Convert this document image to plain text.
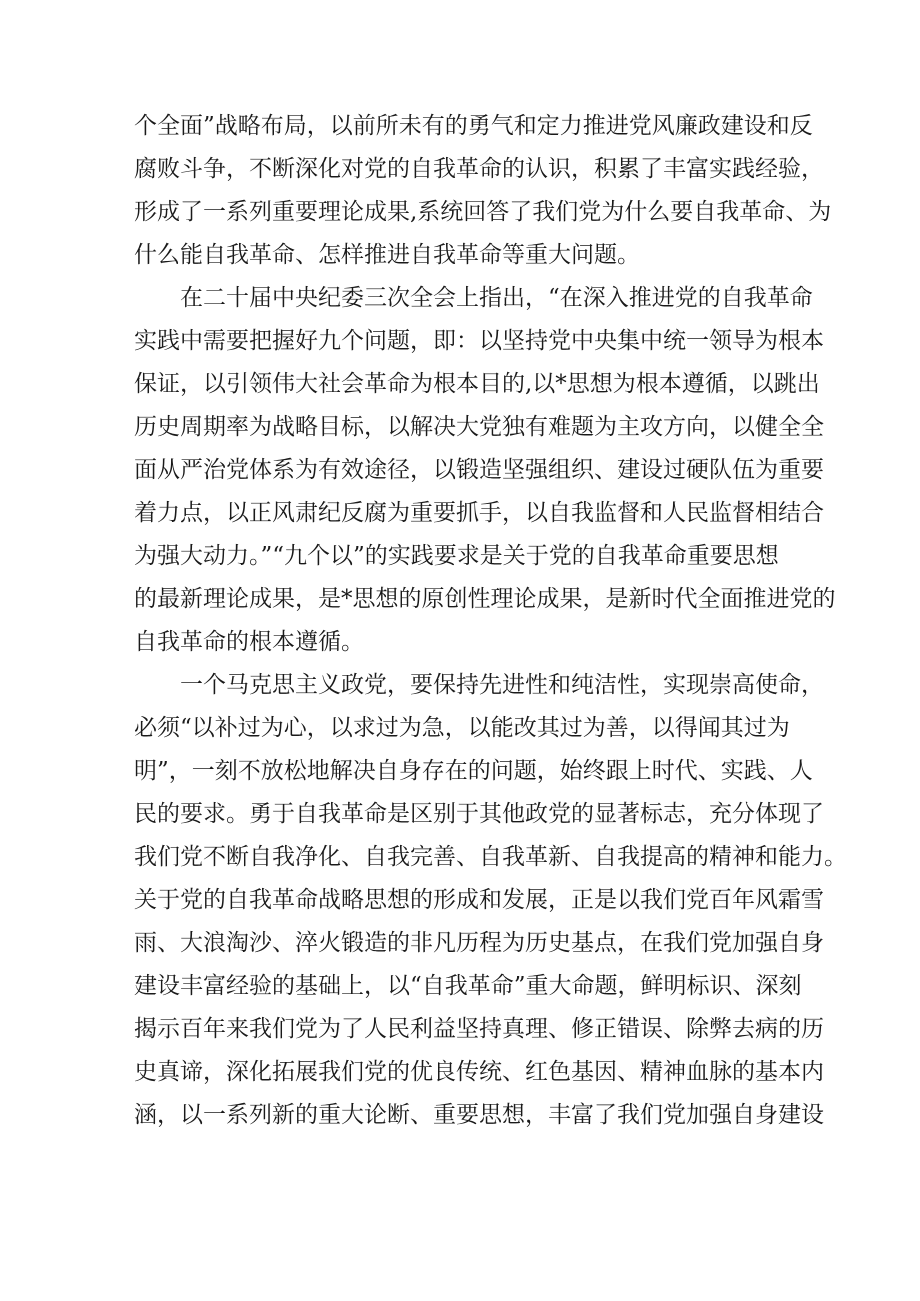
个全面”战略布局，以前所未有的勇气和定力推进党风廉政建设和反
腐败斗争，不断深化对党的自我革命的认识，积累了丰富实践经验，
形成了一系列重要理论成果,系统回答了我们党为什么要自我革命、为
什么能自我革命、怎样推进自我革命等重大问题。
　　在二十届中央纪委三次全会上指出，“在深入推进党的自我革命
实践中需要把握好九个问题，即：以坚持党中央集中统一领导为根本
保证，以引领伟大社会革命为根本目的,以*思想为根本遵循，以跳出
历史周期率为战略目标，以解决大党独有难题为主攻方向，以健全全
面从严治党体系为有效途径，以锻造坚强组织、建设过硬队伍为重要
着力点，以正风肃纪反腐为重要抓手，以自我监督和人民监督相结合
为强大动力。”“九个以”的实践要求是关于党的自我革命重要思想
的最新理论成果，是*思想的原创性理论成果，是新时代全面推进党的
自我革命的根本遵循。
　　一个马克思主义政党，要保持先进性和纯洁性，实现崇高使命，
必须“以补过为心，以求过为急，以能改其过为善，以得闻其过为
明”，一刻不放松地解决自身存在的问题，始终跟上时代、实践、人
民的要求。勇于自我革命是区别于其他政党的显著标志，充分体现了
我们党不断自我净化、自我完善、自我革新、自我提高的精神和能力。
关于党的自我革命战略思想的形成和发展，正是以我们党百年风霜雪
雨、大浪淘沙、淬火锻造的非凡历程为历史基点，在我们党加强自身
建设丰富经验的基础上，以“自我革命”重大命题，鲜明标识、深刻
揭示百年来我们党为了人民利益坚持真理、修正错误、除弊去病的历
史真谛，深化拓展我们党的优良传统、红色基因、精神血脉的基本内
涵，以一系列新的重大论断、重要思想，丰富了我们党加强自身建设
